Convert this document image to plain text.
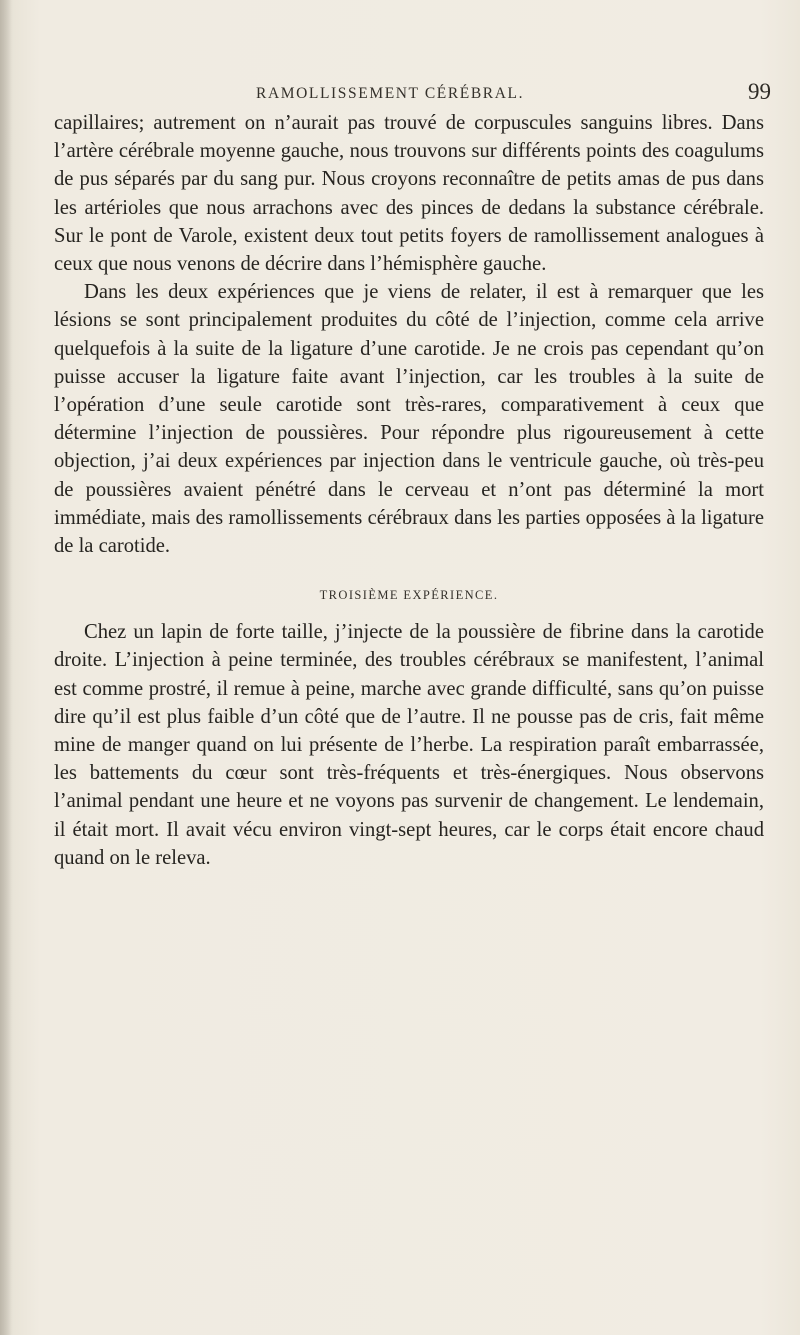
RAMOLLISSEMENT CÉRÉBRAL.	99

capillaires; autrement on n’aurait pas trouvé de corpuscules sanguins libres. Dans l’artère cérébrale moyenne gauche, nous trouvons sur différents points des coagulums de pus séparés par du sang pur. Nous croyons reconnaître de petits amas de pus dans les artérioles que nous arrachons avec des pinces de dedans la substance cérébrale. Sur le pont de Varole, existent deux tout petits foyers de ramollissement analogues à ceux que nous venons de décrire dans l’hémisphère gauche.

Dans les deux expériences que je viens de relater, il est à remarquer que les lésions se sont principalement produites du côté de l’injection, comme cela arrive quelquefois à la suite de la ligature d’une carotide. Je ne crois pas cependant qu’on puisse accuser la ligature faite avant l’injection, car les troubles à la suite de l’opération d’une seule carotide sont très-rares, comparativement à ceux que détermine l’injection de poussières. Pour répondre plus rigoureusement à cette objection, j’ai deux expériences par injection dans le ventricule gauche, où très-peu de poussières avaient pénétré dans le cerveau et n’ont pas déterminé la mort immédiate, mais des ramollissements cérébraux dans les parties opposées à la ligature de la carotide.

TROISIÈME EXPÉRIENCE.

Chez un lapin de forte taille, j’injecte de la poussière de fibrine dans la carotide droite. L’injection à peine terminée, des troubles cérébraux se manifestent, l’animal est comme prostré, il remue à peine, marche avec grande difficulté, sans qu’on puisse dire qu’il est plus faible d’un côté que de l’autre. Il ne pousse pas de cris, fait même mine de manger quand on lui présente de l’herbe. La respiration paraît embarrassée, les battements du cœur sont très-fréquents et très-énergiques. Nous observons l’animal pendant une heure et ne voyons pas survenir de changement. Le lendemain, il était mort. Il avait vécu environ vingt-sept heures, car le corps était encore chaud quand on le releva.
